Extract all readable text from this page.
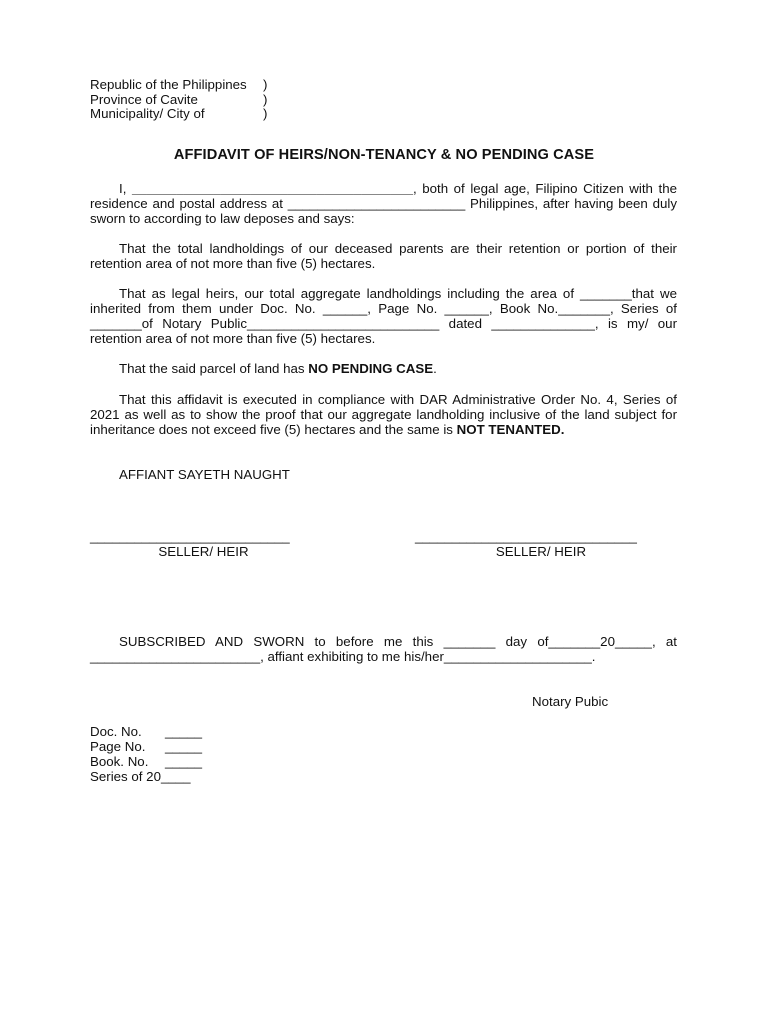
Republic of the Philippines )
Province of Cavite	)
Municipality/ City of	)
AFFIDAVIT OF HEIRS/NON-TENANCY & NO PENDING CASE
I, ______________________________________, both of legal age, Filipino Citizen with the residence and postal address at ________________________ Philippines, after having been duly sworn to according to law deposes and says:
That the total landholdings of our deceased parents are their retention or portion of their retention area of not more than five (5) hectares.
That as legal heirs, our total aggregate landholdings including the area of _______that we inherited from them under Doc. No. ______, Page No. ______, Book No._______, Series of _______of Notary Public__________________________ dated ______________, is my/ our retention area of not more than five (5) hectares.
That the said parcel of land has NO PENDING CASE.
That this affidavit is executed in compliance with DAR Administrative Order No. 4, Series of 2021 as well as to show the proof that our aggregate landholding inclusive of the land subject for inheritance does not exceed five (5) hectares and the same is NOT TENANTED.
AFFIANT SAYETH NAUGHT
___________________________
SELLER/ HEIR
______________________________
SELLER/ HEIR
SUBSCRIBED AND SWORN to before me this _______ day of_______20_____, at _______________________, affiant exhibiting to me his/her____________________.
Notary Pubic
Doc. No. _____
Page No. _____
Book. No. _____
Series of 20____
